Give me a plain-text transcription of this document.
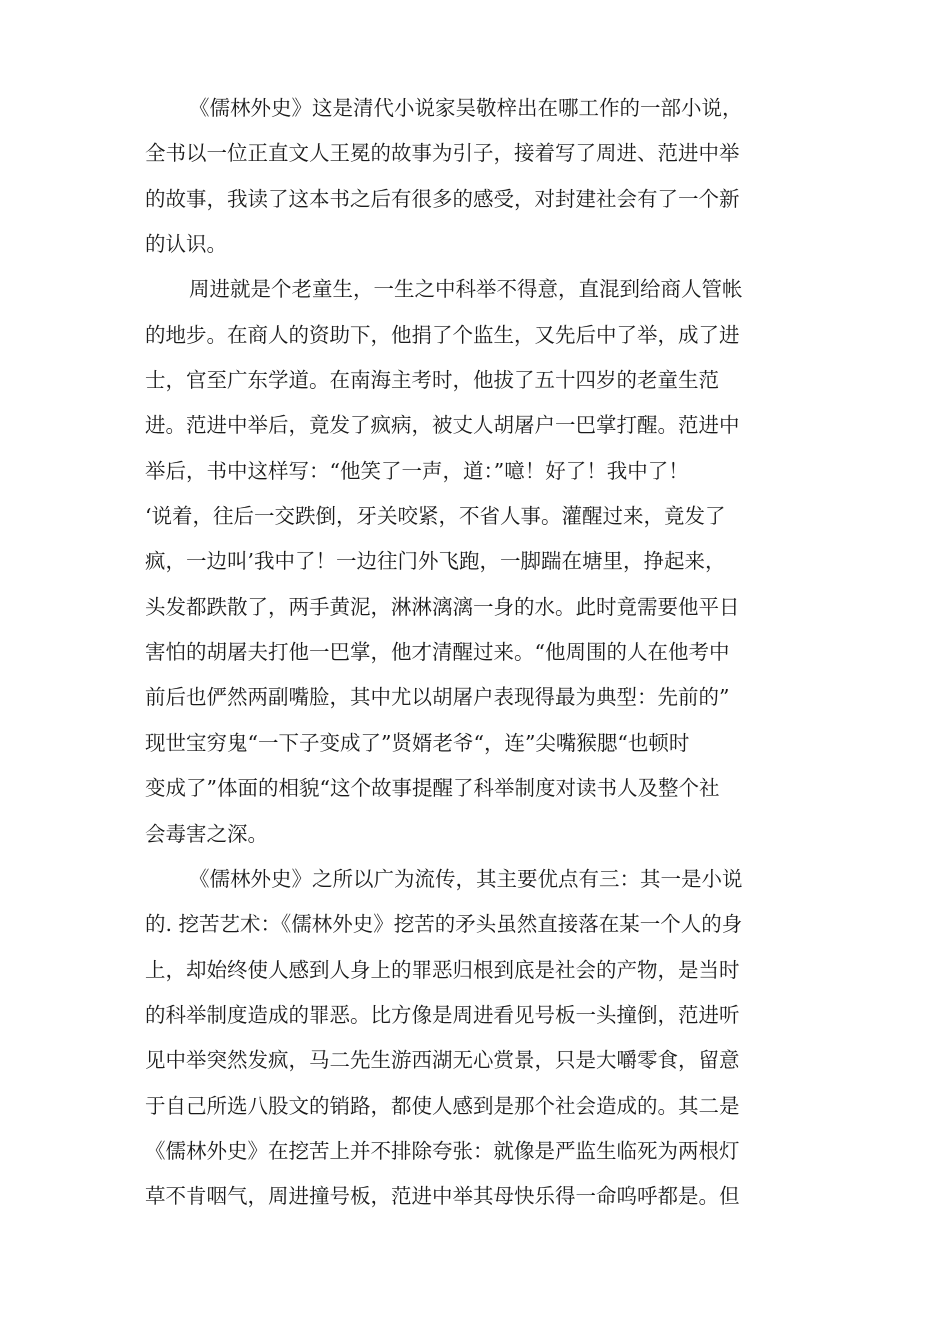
《儒林外史》这是清代小说家吴敬梓出在哪工作的一部小说，
全书以一位正直文人王冕的故事为引子，接着写了周进、范进中举
的故事，我读了这本书之后有很多的感受，对封建社会有了一个新
的认识。
周进就是个老童生，一生之中科举不得意，直混到给商人管帐
的地步。在商人的资助下，他捐了个监生，又先后中了举，成了进
士，官至广东学道。在南海主考时，他拔了五十四岁的老童生范
进。范进中举后，竟发了疯病，被丈人胡屠户一巴掌打醒。范进中
举后，书中这样写：“他笑了一声，道：”噫！好了！我中了！
‘说着，往后一交跌倒，牙关咬紧，不省人事。灌醒过来，竟发了
疯，一边叫’我中了！一边往门外飞跑，一脚踹在塘里，挣起来，
头发都跌散了，两手黄泥，淋淋漓漓一身的水。此时竟需要他平日
害怕的胡屠夫打他一巴掌，他才清醒过来。“他周围的人在他考中
前后也俨然两副嘴脸，其中尤以胡屠户表现得最为典型：先前的”
现世宝穷鬼“一下子变成了”贤婿老爷“，连”尖嘴猴腮“也顿时
变成了”体面的相貌“这个故事提醒了科举制度对读书人及整个社
会毒害之深。
《儒林外史》之所以广为流传，其主要优点有三：其一是小说
的. 挖苦艺术：《儒林外史》挖苦的矛头虽然直接落在某一个人的身
上，却始终使人感到人身上的罪恶归根到底是社会的产物，是当时
的科举制度造成的罪恶。比方像是周进看见号板一头撞倒，范进听
见中举突然发疯，马二先生游西湖无心赏景，只是大嚼零食，留意
于自己所选八股文的销路，都使人感到是那个社会造成的。其二是
《儒林外史》在挖苦上并不排除夸张：就像是严监生临死为两根灯
草不肯咽气，周进撞号板，范进中举其母快乐得一命呜呼都是。但
